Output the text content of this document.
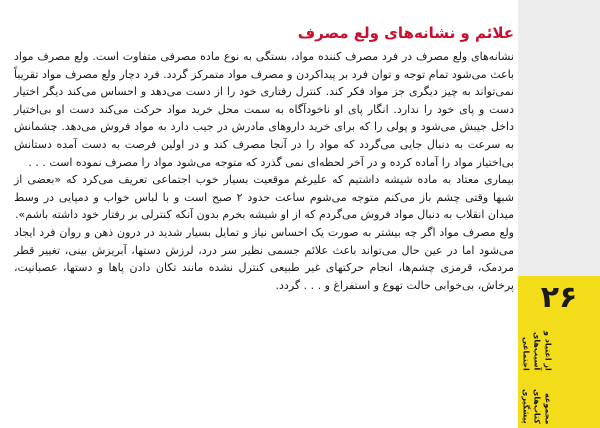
۲۶
مجموعه کتاب‌های پیشگیری
از اعتیاد و آسیب‌های اجتماعی
علائم و نشانه‌های ولع مصرف

نشانه‌های ولع مصرف در فرد مصرف کننده مواد، بستگی به نوع ماده مصرفی متفاوت است. ولع مصرف مواد باعث می‌شود تمام توجه و توان فرد بر پیداکردن و مصرف مواد متمرکز گردد. فرد دچار ولع مصرف مواد تقریباً نمی‌تواند به چیز دیگری جز مواد فکر کند. کنترل رفتاری خود را از دست می‌دهد و احساس می‌کند دیگر اختیار دست و پای خود را ندارد. انگار پای او ناخودآگاه به سمت محل خرید مواد حرکت می‌کند دست او بی‌اختیار داخل جیبش می‌شود و پولی را که برای خرید داروهای مادرش در جیب دارد به مواد فروش می‌دهد. چشمانش به سرعت به دنبال جایی می‌گردد که مواد را در آنجا مصرف کند و در اولین فرصت به دست آمده دستانش بی‌اختیار مواد را آماده کرده و در آخر لحظه‌ای نمی گذرد که متوجه می‌شود مواد را مصرف نموده است . . .

بیماری معتاد به ماده شیشه داشتیم که علیرغم موقعیت بسیار خوب اجتماعی تعریف می‌کرد که «بعضی از شبها وقتی چشم باز می‌کنم متوجه می‌شوم ساعت حدود ۲ صبح است و با لباس خواب و دمپایی در وسط میدان انقلاب به دنبال مواد فروش می‌گردم که از او شیشه بخرم بدون آنکه کنترلی بر رفتار خود داشته باشم».

ولع مصرف مواد اگر چه بیشتر به صورت یک احساس نیاز و تمایل بسیار شدید در درون ذهن و روان فرد ایجاد می‌شود اما در عین حال می‌تواند باعث علائم جسمی نظیر سر درد، لرزش دستها، آبریزش بینی، تغییر قطر مردمک، قرمزی چشم‌ها، انجام حرکتهای غیر طبیعی کنترل نشده مانند تکان دادن پاها و دستها، عصبانیت، پرخاش، بی‌خوابی حالت تهوع و استفراغ و . . . گردد.
